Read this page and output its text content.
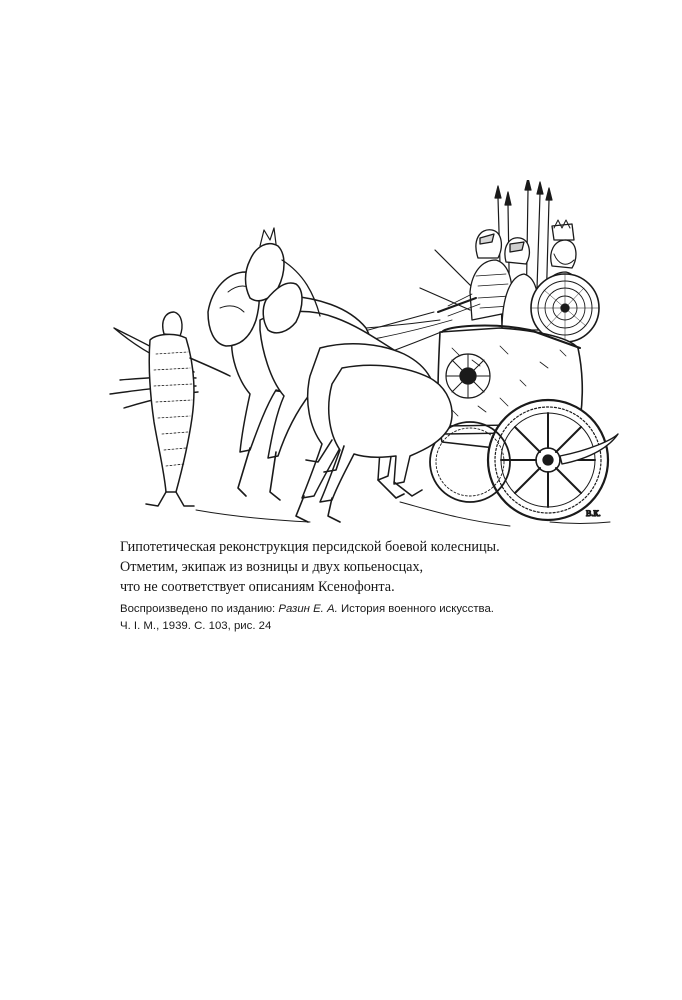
В.К.
Гипотетическая реконструкция персидской боевой колесницы.
Отметим, экипаж из возницы и двух копьеносцах,
что не соответствует описаниям Ксенофонта.
Воспроизведено по изданию: Разин Е. А. История военного искусства.
Ч. I. М., 1939. С. 103, рис. 24
